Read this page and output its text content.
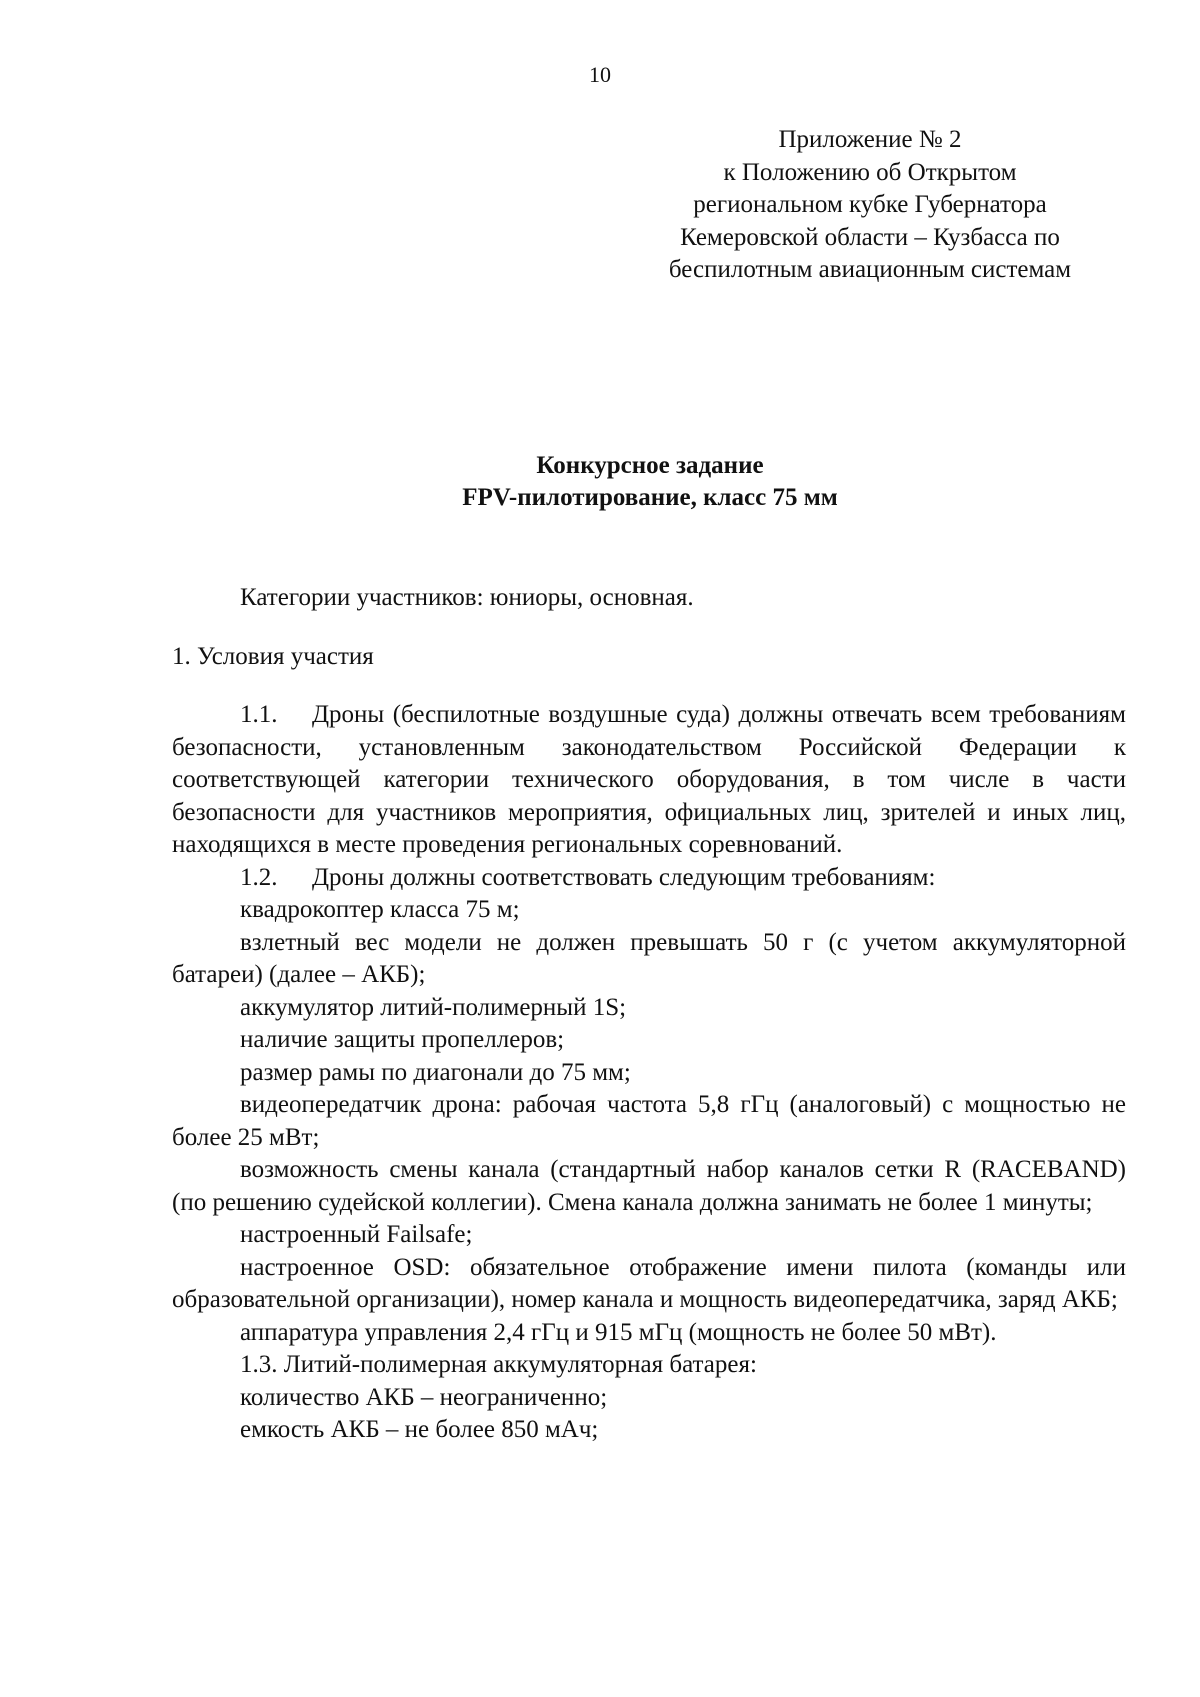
10
Приложение № 2
к Положению об Открытом
региональном кубке Губернатора
Кемеровской области – Кузбасса по
беспилотным авиационным системам
Конкурсное задание
FPV-пилотирование, класс 75 мм

Категории участников: юниоры, основная.

1. Условия участия

1.1. Дроны (беспилотные воздушные суда) должны отвечать всем требованиям безопасности, установленным законодательством Российской Федерации к соответствующей категории технического оборудования, в том числе в части безопасности для участников мероприятия, официальных лиц, зрителей и иных лиц, находящихся в месте проведения региональных соревнований.

1.2. Дроны должны соответствовать следующим требованиям:

квадрокоптер класса 75 м;

взлетный вес модели не должен превышать 50 г (с учетом аккумуляторной батареи) (далее – АКБ);

аккумулятор литий-полимерный 1S;

наличие защиты пропеллеров;

размер рамы по диагонали до 75 мм;

видеопередатчик дрона: рабочая частота 5,8 гГц (аналоговый) с мощностью не более 25 мВт;

возможность смены канала (стандартный набор каналов сетки R (RACEBAND) (по решению судейской коллегии). Смена канала должна занимать не более 1 минуты;

настроенный Failsafe;

настроенное OSD: обязательное отображение имени пилота (команды или образовательной организации), номер канала и мощность видеопередатчика, заряд АКБ;

аппаратура управления 2,4 гГц и 915 мГц (мощность не более 50 мВт).

1.3. Литий-полимерная аккумуляторная батарея:

количество АКБ – неограниченно;

емкость АКБ – не более 850 мАч;
